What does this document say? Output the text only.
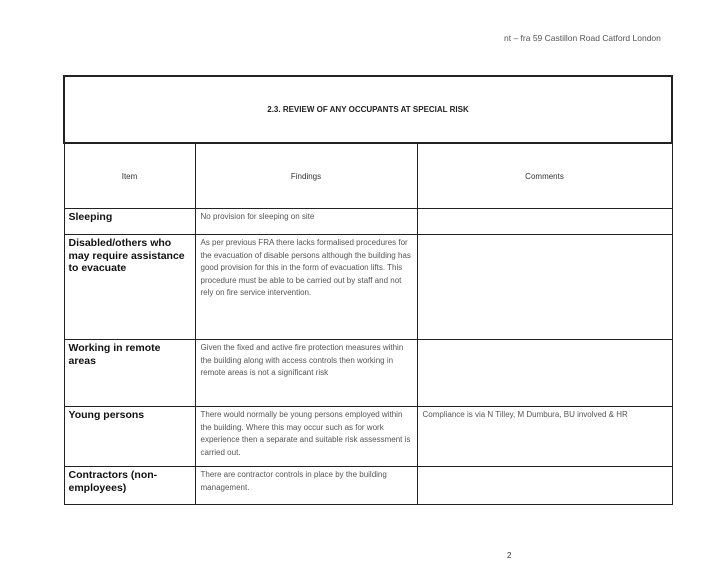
nt – fra 59 Castillon Road Catford London
2.3. REVIEW OF ANY OCCUPANTS AT SPECIAL RISK		
Item	Findings	Comments
Sleeping	No provision for sleeping on site	
Disabled/others who may require assistance to evacuate	As per previous FRA there lacks formalised procedures for the evacuation of disable persons although the building has good provision for this in the form of evacuation lifts. This procedure must be able to be carried out by staff and not rely on fire service intervention.	
Working in remote areas	Given the fixed and active fire protection measures within the building along with access controls then working in remote areas is not a significant risk	
Young persons	There would normally be young persons employed within the building. Where this may occur such as for work experience then a separate and suitable risk assessment is carried out.	Compliance is via N Tilley, M Dumbura, BU involved & HR
Contractors (non-employees)	There are contractor controls in place by the building management.	
2
